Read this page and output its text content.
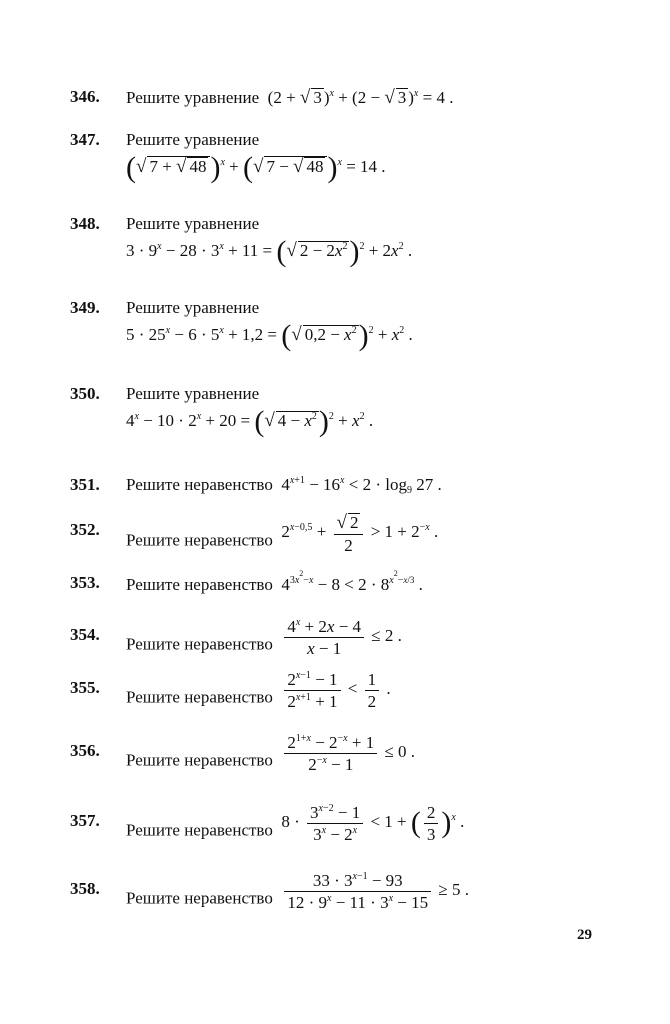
346. Решите уравнение  (2 + √ 3 )$^x$ + (2 − √ 3 )$^x$ = 4 .
347. Решите уравнение
(√ 7 + √ 48 )$^x$ + (√ 7 − √ 48 )$^x$ = 14 .
348. Решите уравнение
$3 \cdot 9^x - 28 \cdot 3^x + 11$ = (√ $2 - 2x^2)^2 + 2x^2$ .
349. Решите уравнение
$5 \cdot 25^x - 6 \cdot 5^x + 1,2$ = (√ $0,2 - x^2)^2 + x^2$ .
350. Решите уравнение
$4^x - 10 \cdot 2^x + 20$ = (√ $4 - x^2)^2 + x^2$ .
351. Решите неравенство  $4^{x+1} - 16^x < 2 \cdot \log_9 27$ .
352.
Решите неравенство  $2^{x-0,5} + \frac{√ 2}{2} > 1 + 2^{-x}$ .
353. Решите неравенство  $4^{3x^2-x} - 8 < 2 \cdot 8^{x^2-x/3}$ .
354. Решите неравенство $\frac{4^x + 2x - 4}{x - 1} \le 2$ .
355. Решите неравенство $\frac{2^{x-1} - 1}{2^{x+1} + 1} < \frac{1}{2}$ .
356. Решите неравенство $\frac{2^{1+x} - 2^{-x} + 1}{2^{-x} - 1} \le 0$ .
357. Решите неравенство  $8 \cdot \frac{3^{x-2} - 1}{3^x - 2^x} < 1$ + ( $\frac{2}{3} )^x$ .
358. Решите неравенство $\frac{33 \cdot 3^{x-1} - 93}{12 \cdot 9^x - 11 \cdot 3^x - 15} \ge 5$ .
29
